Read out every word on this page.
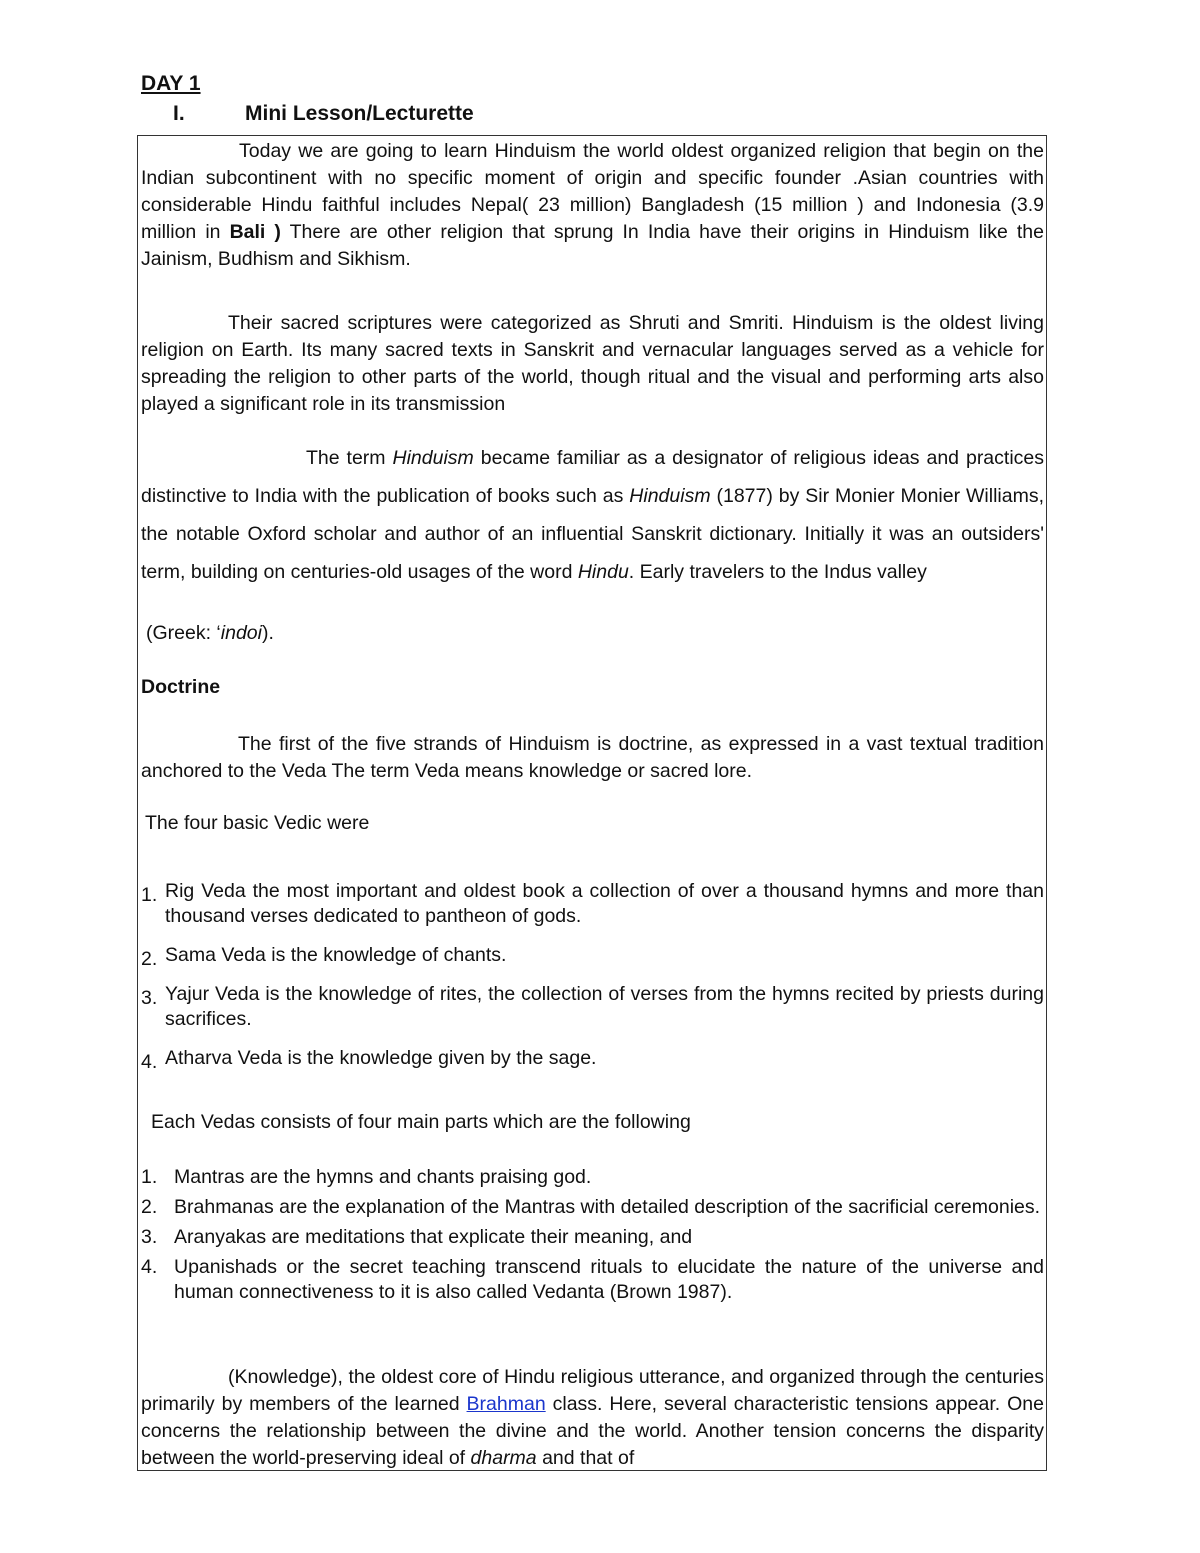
DAY 1
I.	Mini Lesson/Lecturette

Today we are going to learn Hinduism the world oldest organized religion that begin on the Indian subcontinent with no specific moment of origin and specific founder .Asian countries with considerable Hindu faithful includes Nepal( 23 million) Bangladesh (15 million ) and Indonesia (3.9 million in Bali ) There are other religion that sprung In India have their origins in Hinduism like the Jainism, Budhism and Sikhism.

Their sacred scriptures were categorized as Shruti and Smriti. Hinduism is the oldest living religion on Earth. Its many sacred texts in Sanskrit and vernacular languages served as a vehicle for spreading the religion to other parts of the world, though ritual and the visual and performing arts also played a significant role in its transmission

The term Hinduism became familiar as a designator of religious ideas and practices distinctive to India with the publication of books such as Hinduism (1877) by Sir Monier Monier Williams, the notable Oxford scholar and author of an influential Sanskrit dictionary. Initially it was an outsiders' term, building on centuries-old usages of the word Hindu. Early travelers to the Indus valley

(Greek: ‘indoi).

Doctrine

The first of the five strands of Hinduism is doctrine, as expressed in a vast textual tradition anchored to the Veda The term Veda means knowledge or sacred lore.

The four basic Vedic were

1. Rig Veda the most important and oldest book a collection of over a thousand hymns and more than thousand verses dedicated to pantheon of gods.
2. Sama Veda is the knowledge of chants.
3. Yajur Veda is the knowledge of rites, the collection of verses from the hymns recited by priests during sacrifices.
4. Atharva Veda is the knowledge given by the sage.

Each Vedas consists of four main parts which are the following

1. Mantras are the hymns and chants praising god.
2. Brahmanas are the explanation of the Mantras with detailed description of the sacrificial ceremonies.
3. Aranyakas are meditations that explicate their meaning, and
4. Upanishads or the secret teaching transcend rituals to elucidate the nature of the universe and human connectiveness to it is also called Vedanta (Brown 1987).

(Knowledge), the oldest core of Hindu religious utterance, and organized through the centuries primarily by members of the learned Brahman class. Here, several characteristic tensions appear. One concerns the relationship between the divine and the world. Another tension concerns the disparity between the world-preserving ideal of dharma and that of
